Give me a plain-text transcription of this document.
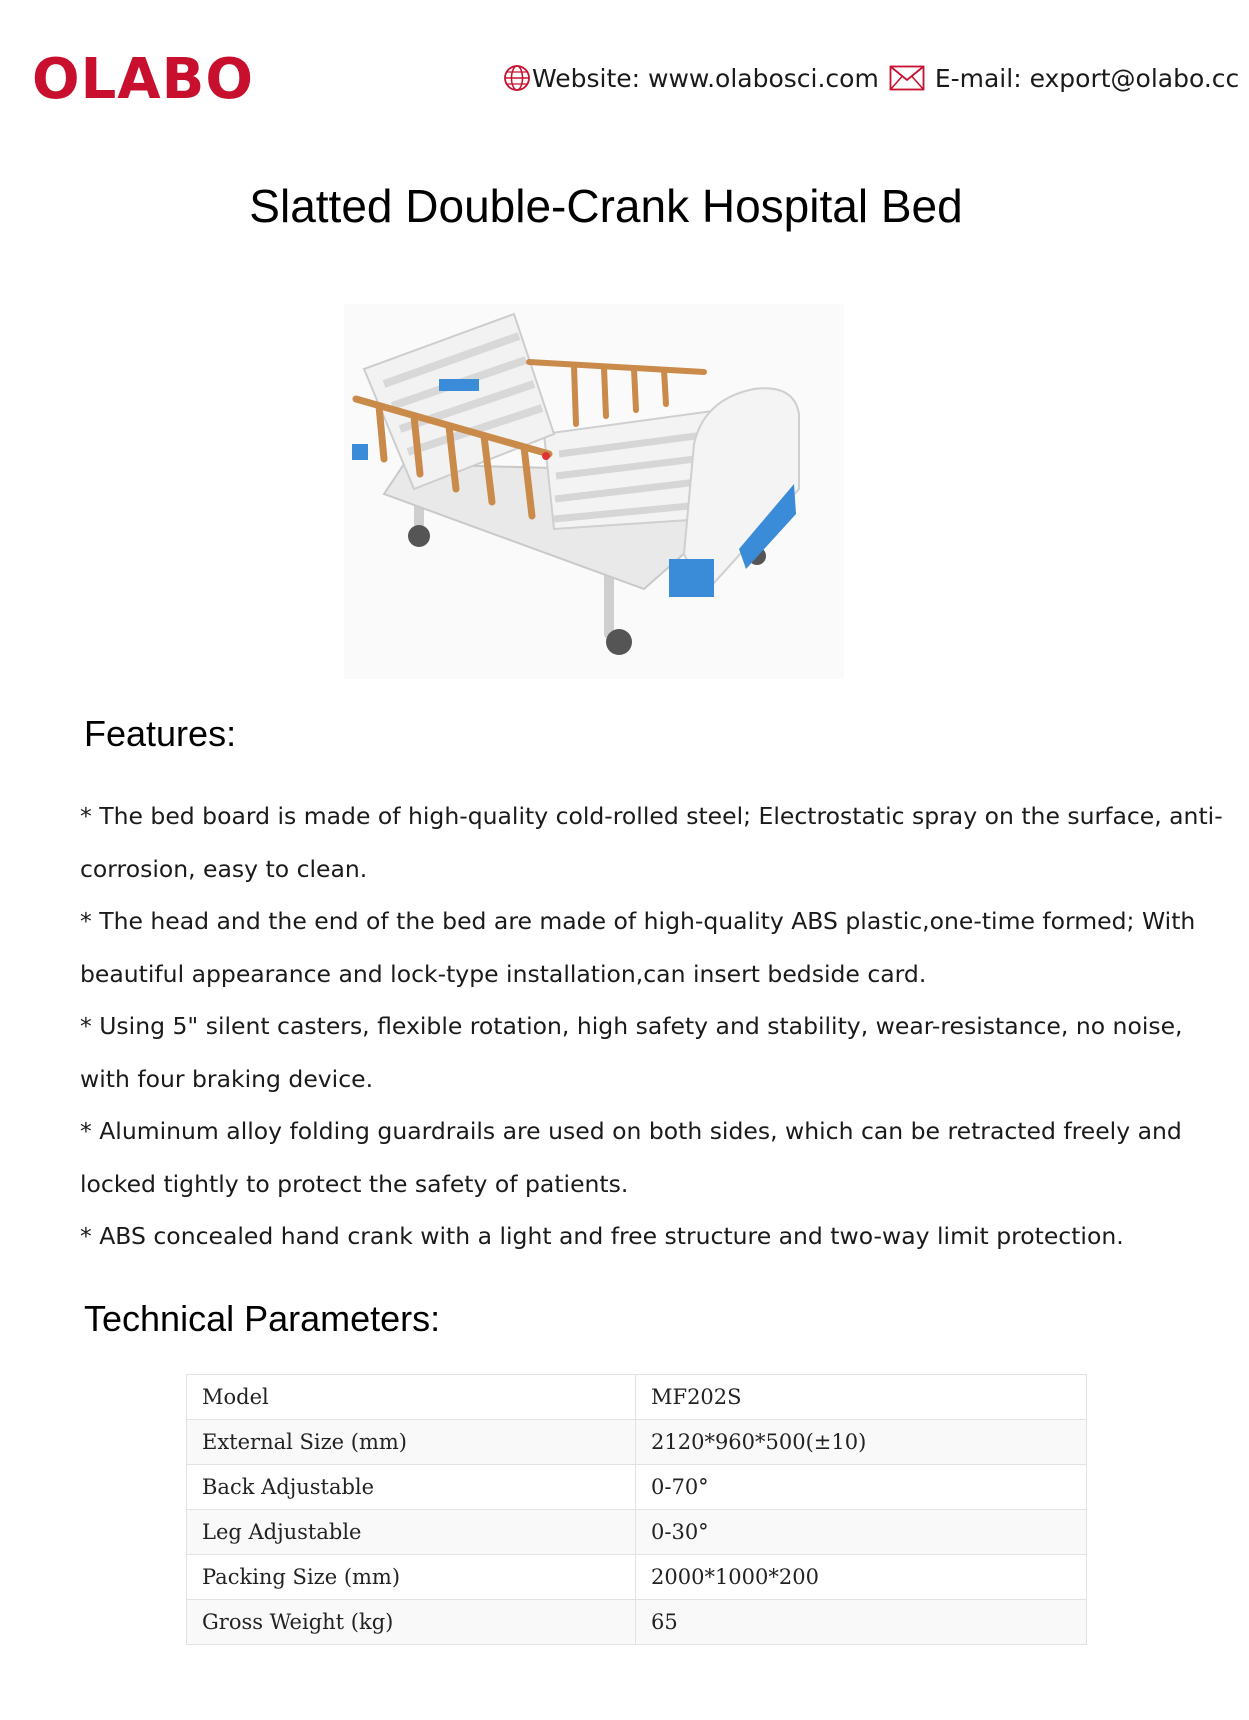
OLABO	Website: www.olabosci.com E-mail: export@olabo.cc
Slatted Double-Crank Hospital Bed
Features:
* The bed board is made of high-quality cold-rolled steel; Electrostatic spray on the surface, anti-corrosion, easy to clean.
* The head and the end of the bed are made of high-quality ABS plastic,one-time formed; With beautiful appearance and lock-type installation,can insert bedside card.
* Using 5" silent casters, flexible rotation, high safety and stability, wear-resistance, no noise, with four braking device.
* Aluminum alloy folding guardrails are used on both sides, which can be retracted freely and locked tightly to protect the safety of patients.
* ABS concealed hand crank with a light and free structure and two-way limit protection.
Technical Parameters:
Model	MF202S
External Size (mm)	2120*960*500(±10)
Back Adjustable	0-70°
Leg Adjustable	0-30°
Packing Size (mm)	2000*1000*200
Gross Weight (kg)	65
